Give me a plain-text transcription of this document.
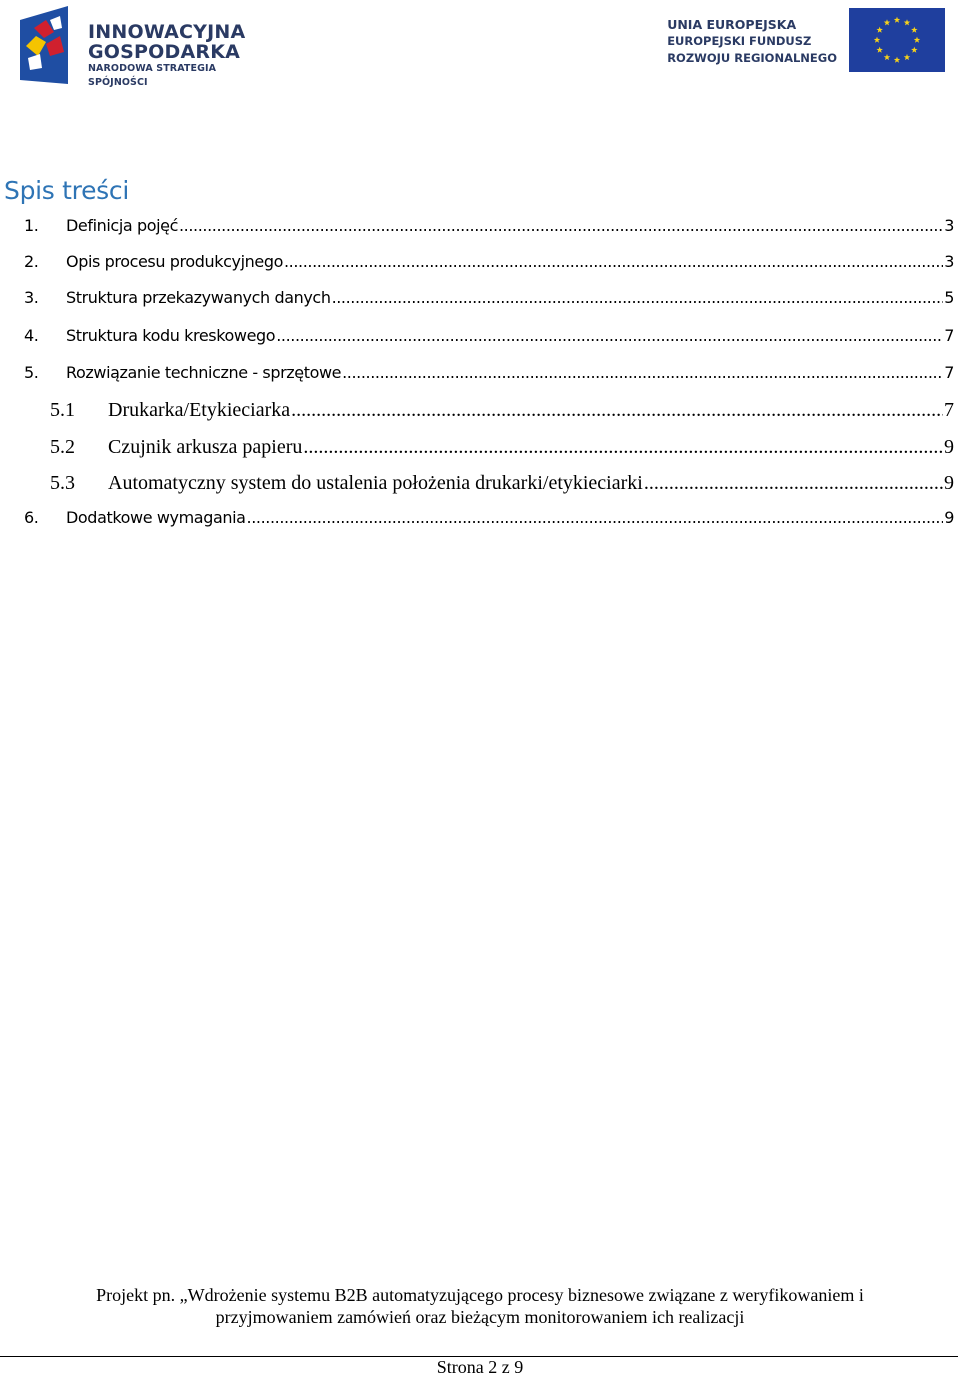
INNOWACYJNA
GOSPODARKA
NARODOWA STRATEGIA SPÓJNOŚCI
UNIA EUROPEJSKA
EUROPEJSKI FUNDUSZ
ROZWOJU REGIONALNEGO
Spis treści
1.	Definicja pojęć .....	3
2.	Opis procesu produkcyjnego .....	3
3.	Struktura przekazywanych danych .....	5
4.	Struktura kodu kreskowego .....	7
5.	Rozwiązanie techniczne - sprzętowe .....	7
5.1	Drukarka/Etykieciarka .....	7
5.2	Czujnik arkusza papieru .....	9
5.3	Automatyczny system do ustalenia położenia drukarki/etykieciarki .....	9
6.	Dodatkowe wymagania .....	9
Projekt pn. „Wdrożenie systemu B2B automatyzującego procesy biznesowe związane z weryfikowaniem i
przyjmowaniem zamówień oraz bieżącym monitorowaniem ich realizacji
Strona 2 z 9
